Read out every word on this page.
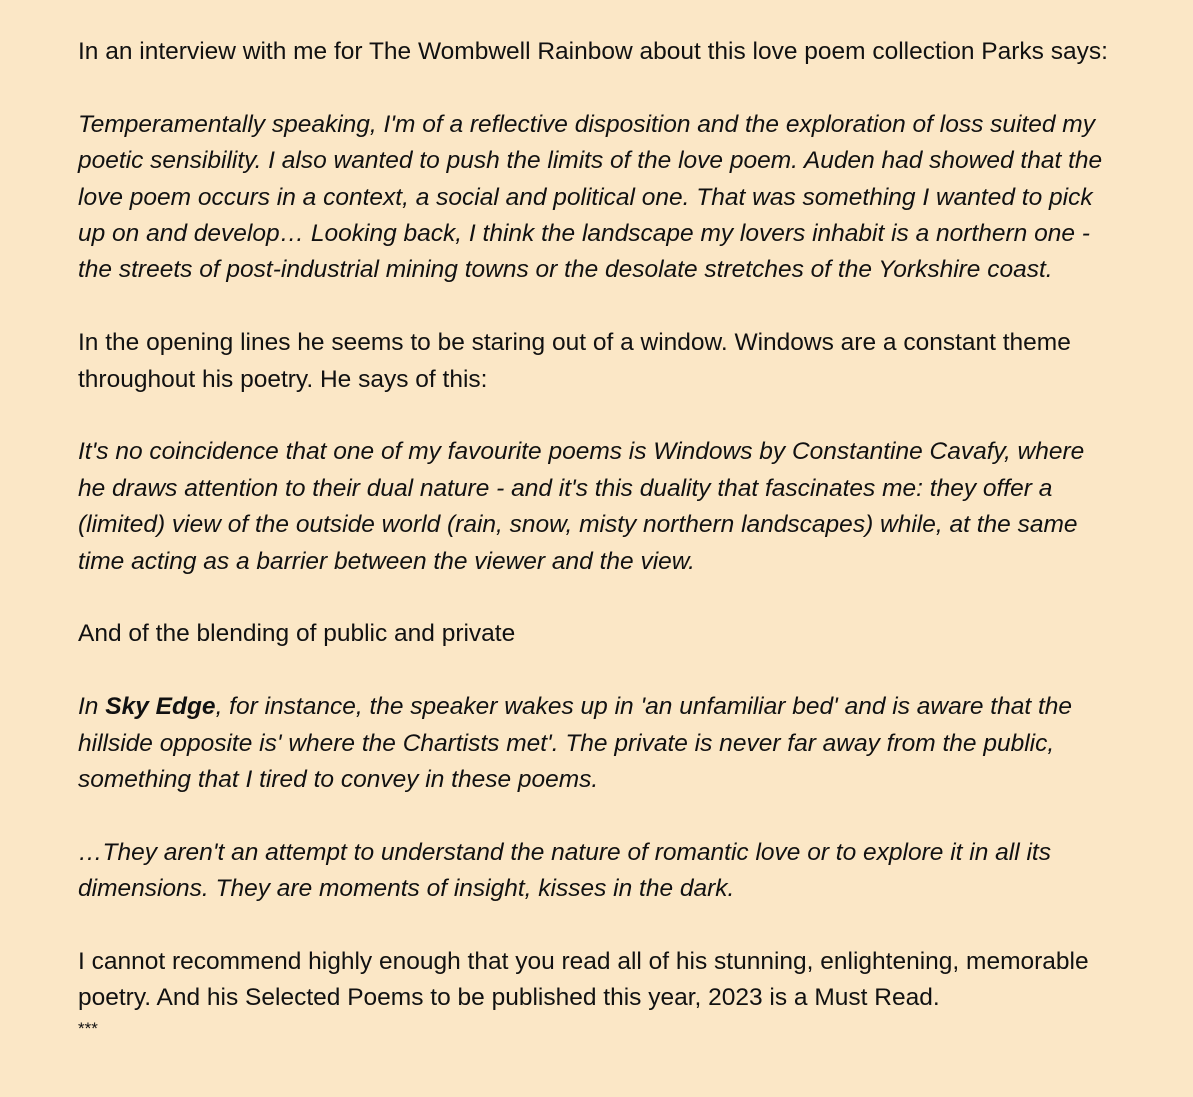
In an interview with me for The Wombwell Rainbow about this love poem collection Parks says:

Temperamentally speaking, I'm of a reflective disposition and the exploration of loss suited my
poetic sensibility. I also wanted to push the limits of the love poem. Auden had showed that the
love poem occurs in a context, a social and political one. That was something I wanted to pick
up on and develop… Looking back, I think the landscape my lovers inhabit is a northern one -
the streets of post-industrial mining towns or the desolate stretches of the Yorkshire coast.

In the opening lines he seems to be staring out of a window. Windows are a constant theme
throughout his poetry. He says of this:

It's no coincidence that one of my favourite poems is Windows by Constantine Cavafy, where
he draws attention to their dual nature - and it's this duality that fascinates me: they offer a
(limited) view of the outside world (rain, snow, misty northern landscapes) while, at the same
time acting as a barrier between the viewer and the view.

And of the blending of public and private

In Sky Edge, for instance, the speaker wakes up in 'an unfamiliar bed' and is aware that the
hillside opposite is' where the Chartists met'. The private is never far away from the public,
something that I tired to convey in these poems.

…They aren't an attempt to understand the nature of romantic love or to explore it in all its
dimensions. They are moments of insight, kisses in the dark.

I cannot recommend highly enough that you read all of his stunning, enlightening, memorable
poetry. And his Selected Poems to be published this year, 2023 is a Must Read.

***
